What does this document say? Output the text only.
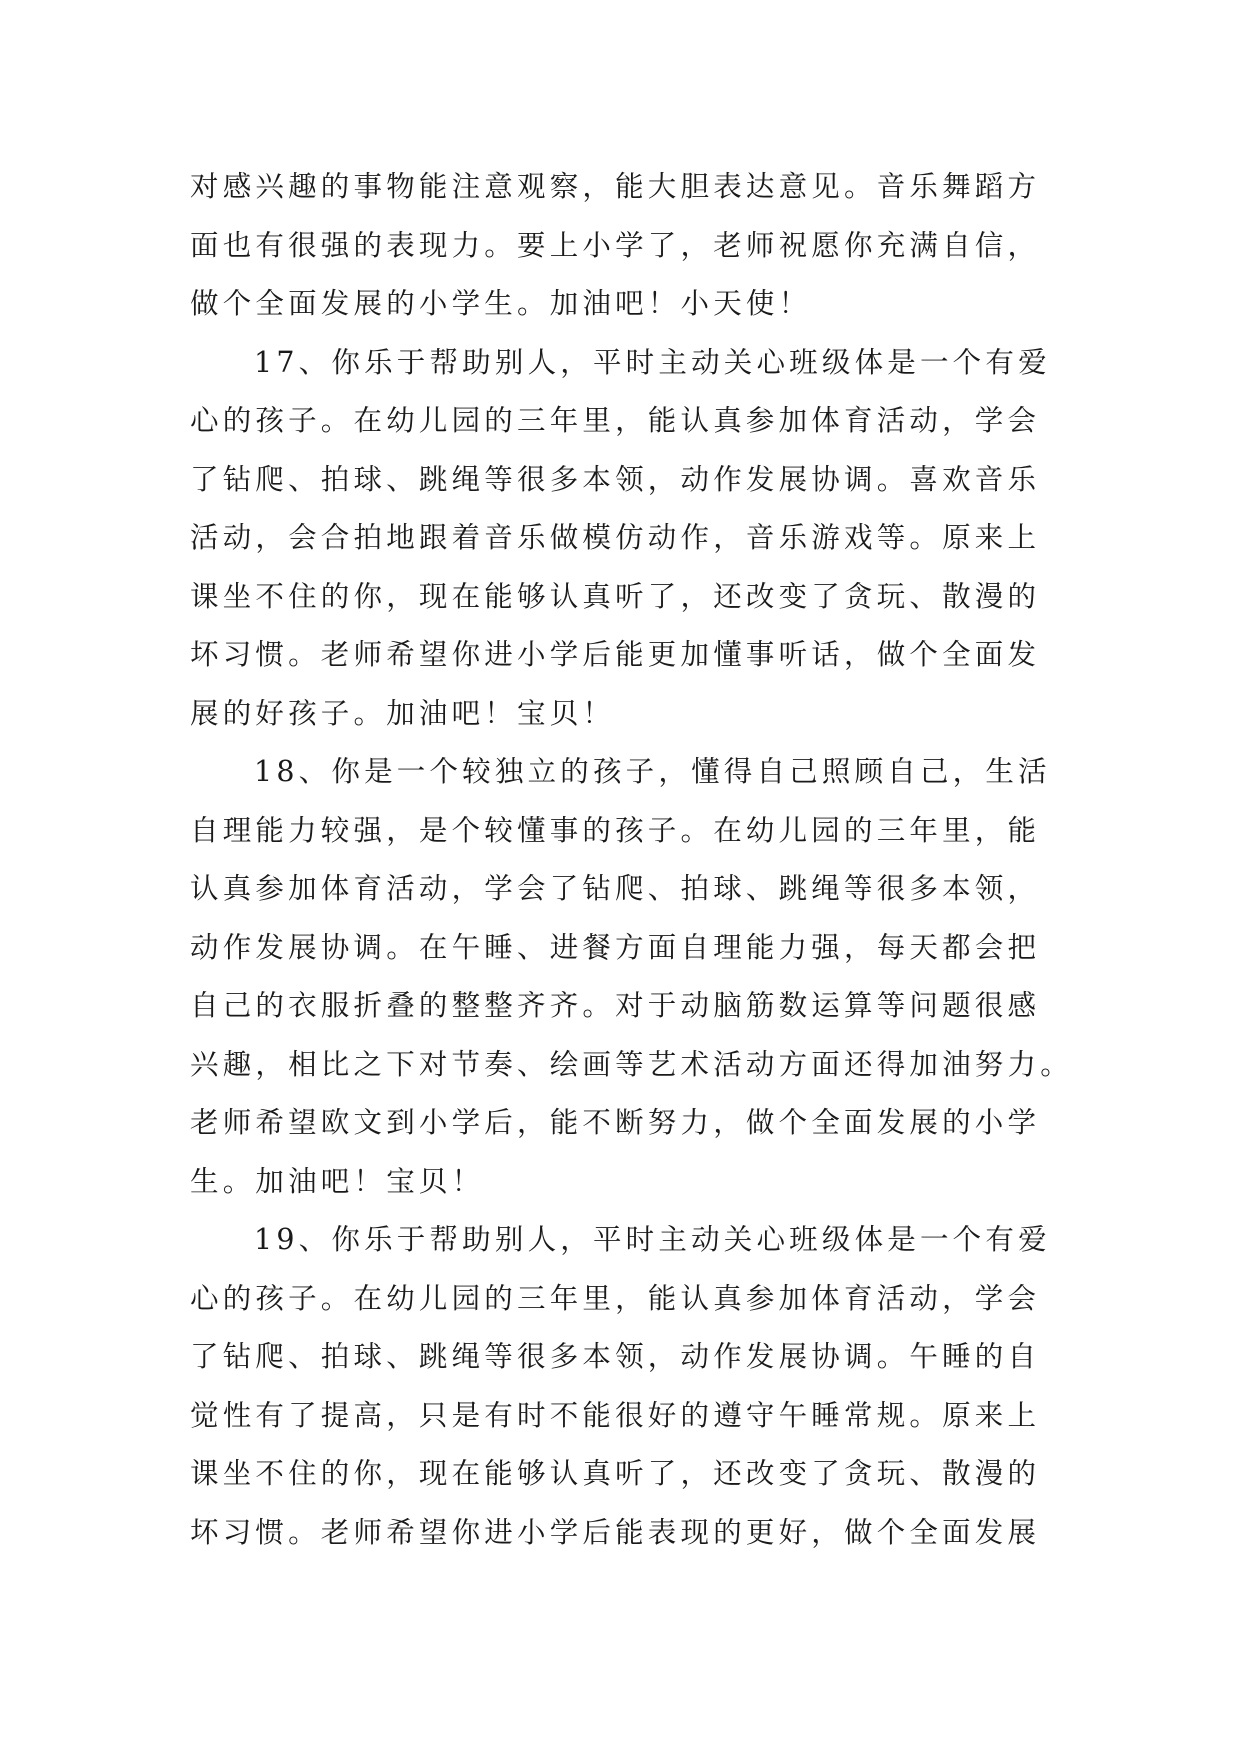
对感兴趣的事物能注意观察，能大胆表达意见。音乐舞蹈方
面也有很强的表现力。要上小学了，老师祝愿你充满自信，
做个全面发展的小学生。加油吧！小天使！
17、你乐于帮助别人，平时主动关心班级体是一个有爱
心的孩子。在幼儿园的三年里，能认真参加体育活动，学会
了钻爬、拍球、跳绳等很多本领，动作发展协调。喜欢音乐
活动，会合拍地跟着音乐做模仿动作，音乐游戏等。原来上
课坐不住的你，现在能够认真听了，还改变了贪玩、散漫的
坏习惯。老师希望你进小学后能更加懂事听话，做个全面发
展的好孩子。加油吧！宝贝！
18、你是一个较独立的孩子，懂得自己照顾自己，生活
自理能力较强，是个较懂事的孩子。在幼儿园的三年里，能
认真参加体育活动，学会了钻爬、拍球、跳绳等很多本领，
动作发展协调。在午睡、进餐方面自理能力强，每天都会把
自己的衣服折叠的整整齐齐。对于动脑筋数运算等问题很感
兴趣，相比之下对节奏、绘画等艺术活动方面还得加油努力。
老师希望欧文到小学后，能不断努力，做个全面发展的小学
生。加油吧！宝贝！
19、你乐于帮助别人，平时主动关心班级体是一个有爱
心的孩子。在幼儿园的三年里，能认真参加体育活动，学会
了钻爬、拍球、跳绳等很多本领，动作发展协调。午睡的自
觉性有了提高，只是有时不能很好的遵守午睡常规。原来上
课坐不住的你，现在能够认真听了，还改变了贪玩、散漫的
坏习惯。老师希望你进小学后能表现的更好，做个全面发展
